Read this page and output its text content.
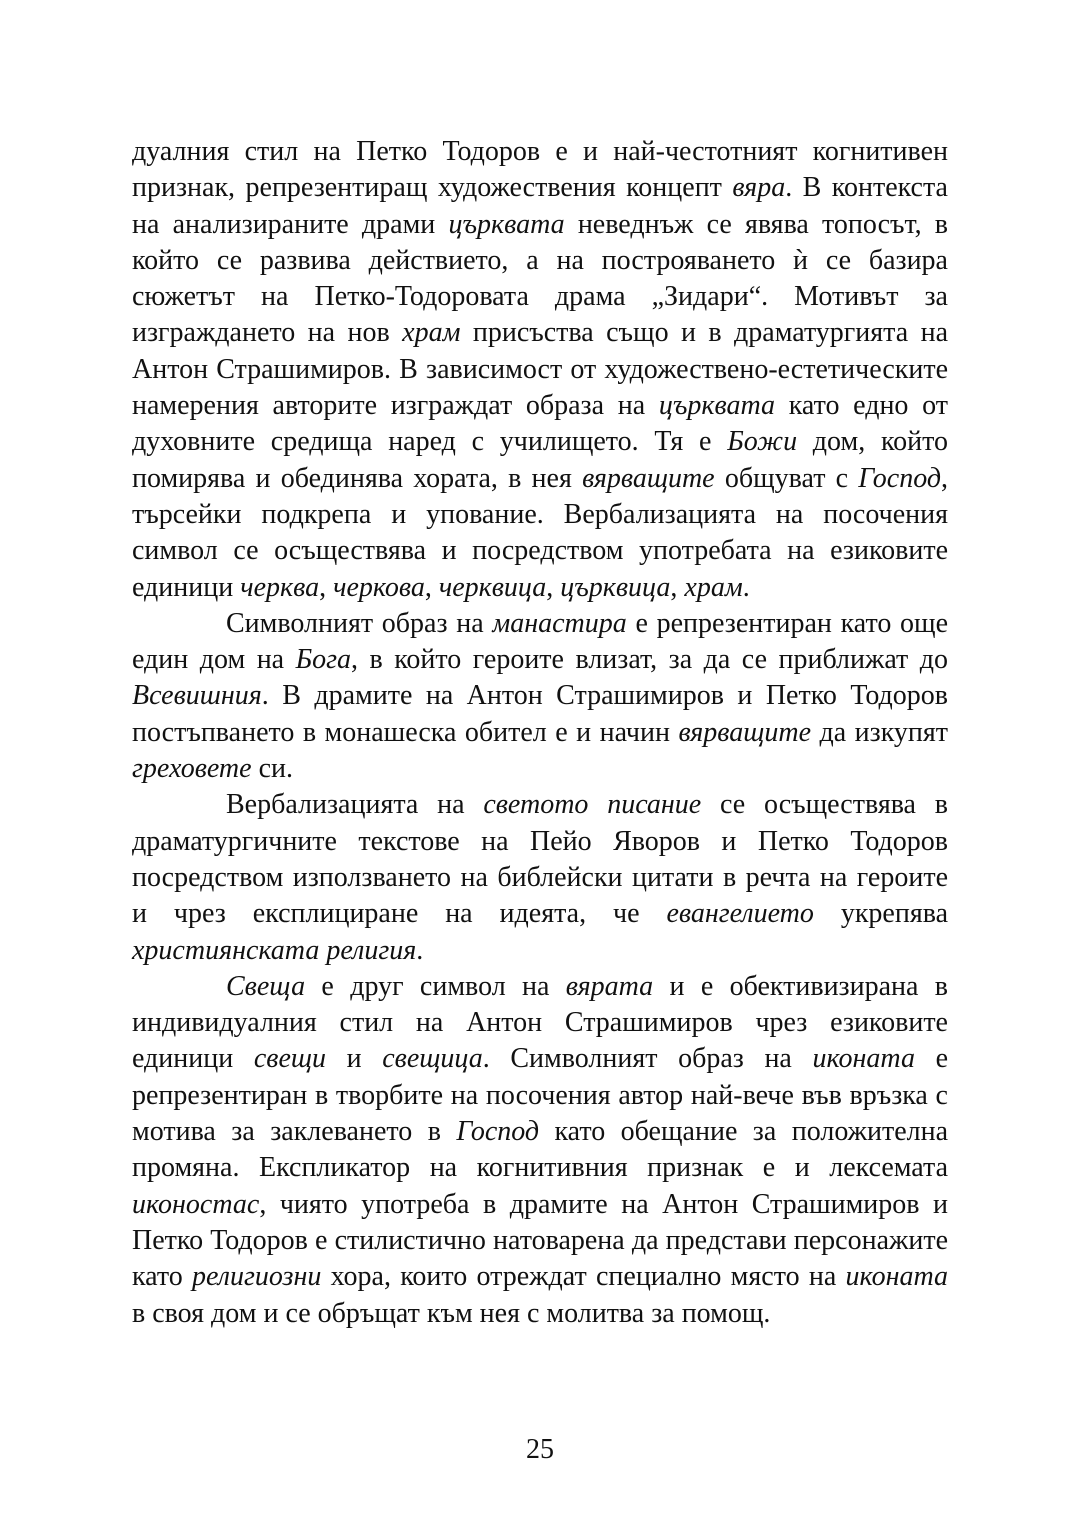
дуалния стил на Петко Тодоров е и най-честотният когнитивен признак, репрезентиращ художествения концепт вяра. В контекста на анализираните драми църквата неведнъж се явява топосът, в който се развива действието, а на построяването ѝ се базира сюжетът на Петко-Тодоровата драма „Зидари“. Мотивът за изграждането на нов храм присъства също и в драматургията на Антон Страшимиров. В зависимост от художествено-естетическите намерения авторите изграждат образа на църквата като едно от духовните средища наред с училището. Тя е Божи дом, който помирява и обединява хората, в нея вярващите общуват с Господ, търсейки подкрепа и упование. Вербализацията на посочения символ се осъществява и посредством употребата на езиковите единици черква, черкова, черквица, църквица, храм.

Символният образ на манастира е репрезентиран като още един дом на Бога, в който героите влизат, за да се приближат до Всевишния. В драмите на Антон Страшимиров и Петко Тодоров постъпването в монашеска обител е и начин вярващите да изкупят греховете си.

Вербализацията на светото писание се осъществява в драматургичните текстове на Пейо Яворов и Петко Тодоров посредством използването на библейски цитати в речта на героите и чрез експлициране на идеята, че евангелието укрепява християнската религия.

Свеща е друг символ на вярата и е обективизирана в индивидуалния стил на Антон Страшимиров чрез езиковите единици свещи и свещица. Символният образ на иконата е репрезентиран в творбите на посочения автор най-вече във връзка с мотива за заклеването в Господ като обещание за положителна промяна. Експликатор на когнитивния признак е и лексемата иконостас, чиято употреба в драмите на Антон Страшимиров и Петко Тодоров е стилистично натоварена да представи персонажите като религиозни хора, които отреждат специално място на иконата в своя дом и се обръщат към нея с молитва за помощ.

25
